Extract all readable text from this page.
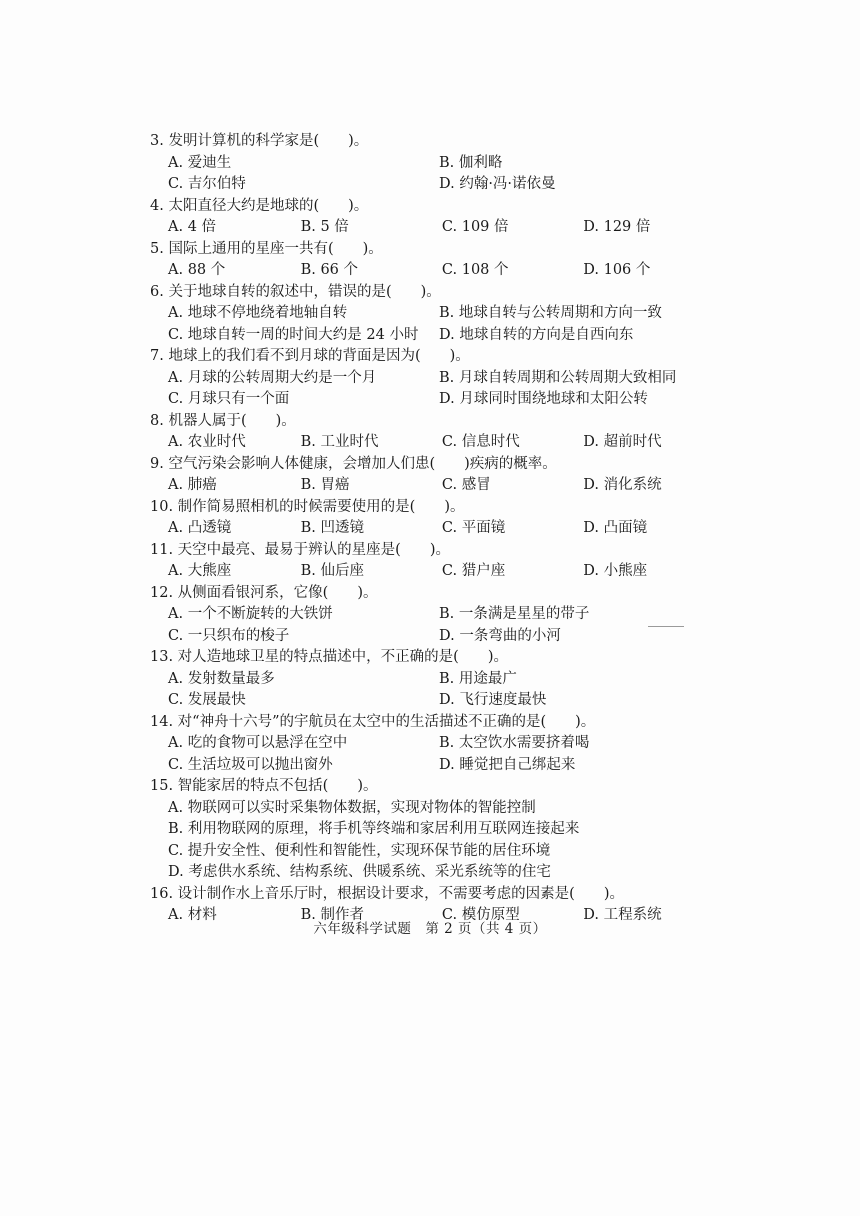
3. 发明计算机的科学家是(　　)。
A. 爱迪生	B. 伽利略
C. 吉尔伯特	D. 约翰·冯·诺依曼
4. 太阳直径大约是地球的(　　)。
A. 4 倍	B. 5 倍	C. 109 倍	D. 129 倍
5. 国际上通用的星座一共有(　　)。
A. 88 个	B. 66 个	C. 108 个	D. 106 个
6. 关于地球自转的叙述中，错误的是(　　)。
A. 地球不停地绕着地轴自转	B. 地球自转与公转周期和方向一致
C. 地球自转一周的时间大约是 24 小时	D. 地球自转的方向是自西向东
7. 地球上的我们看不到月球的背面是因为(　　)。
A. 月球的公转周期大约是一个月	B. 月球自转周期和公转周期大致相同
C. 月球只有一个面	D. 月球同时围绕地球和太阳公转
8. 机器人属于(　　)。
A. 农业时代	B. 工业时代	C. 信息时代	D. 超前时代
9. 空气污染会影响人体健康，会增加人们患(　　)疾病的概率。
A. 肺癌	B. 胃癌	C. 感冒	D. 消化系统
10. 制作简易照相机的时候需要使用的是(　　)。
A. 凸透镜	B. 凹透镜	C. 平面镜	D. 凸面镜
11. 天空中最亮、最易于辨认的星座是(　　)。
A. 大熊座	B. 仙后座	C. 猎户座	D. 小熊座
12. 从侧面看银河系，它像(　　)。
A. 一个不断旋转的大铁饼	B. 一条满是星星的带子
C. 一只织布的梭子	D. 一条弯曲的小河
13. 对人造地球卫星的特点描述中，不正确的是(　　)。
A. 发射数量最多	B. 用途最广
C. 发展最快	D. 飞行速度最快
14. 对“神舟十六号”的宇航员在太空中的生活描述不正确的是(　　)。
A. 吃的食物可以悬浮在空中	B. 太空饮水需要挤着喝
C. 生活垃圾可以抛出窗外	D. 睡觉把自己绑起来
15. 智能家居的特点不包括(　　)。
A. 物联网可以实时采集物体数据，实现对物体的智能控制
B. 利用物联网的原理，将手机等终端和家居利用互联网连接起来
C. 提升安全性、便利性和智能性，实现环保节能的居住环境
D. 考虑供水系统、结构系统、供暖系统、采光系统等的住宅
16. 设计制作水上音乐厅时，根据设计要求，不需要考虑的因素是(　　)。
A. 材料	B. 制作者	C. 模仿原型	D. 工程系统
六年级科学试题　第 2 页（共 4 页）
